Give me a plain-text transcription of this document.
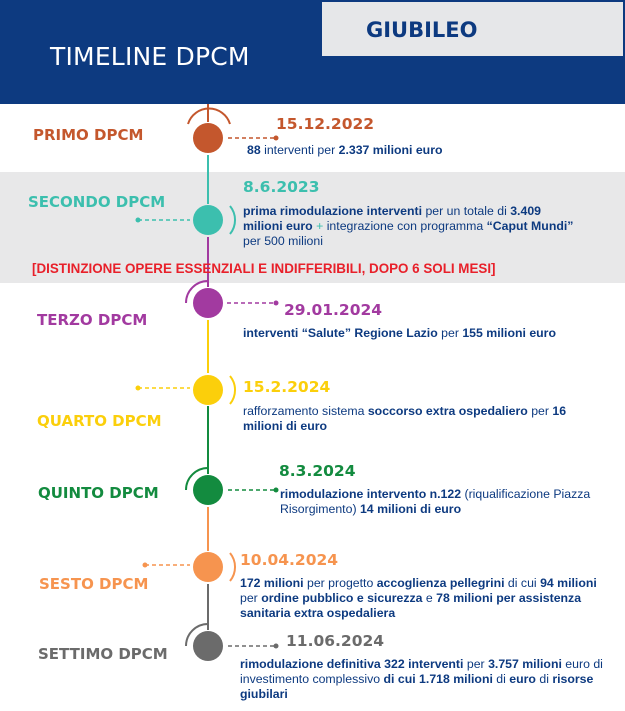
TIMELINE DPCM
GIUBILEO
PRIMO DPCM
SECONDO DPCM
TERZO DPCM
QUARTO DPCM
QUINTO DPCM
SESTO DPCM
SETTIMO DPCM
15.12.2022
8.6.2023
29.01.2024
15.2.2024
8.3.2024
10.04.2024
11.06.2024
88 interventi per 2.337 milioni euro
prima rimodulazione interventi per un totale di 3.409 milioni euro + integrazione con programma “Caput Mundi” per 500 milioni
interventi “Salute” Regione Lazio per 155 milioni euro
rafforzamento sistema soccorso extra ospedaliero per 16 milioni di euro
rimodulazione intervento n.122 (riqualificazione Piazza Risorgimento) 14 milioni di euro
172 milioni per progetto accoglienza pellegrini di cui 94 milioni per ordine pubblico e sicurezza e 78 milioni per assistenza sanitaria extra ospedaliera
rimodulazione definitiva 322 interventi per 3.757 milioni euro di investimento complessivo di cui 1.718 milioni di euro di risorse giubilari
[DISTINZIONE OPERE ESSENZIALI E INDIFFERIBILI, DOPO 6 SOLI MESI]
